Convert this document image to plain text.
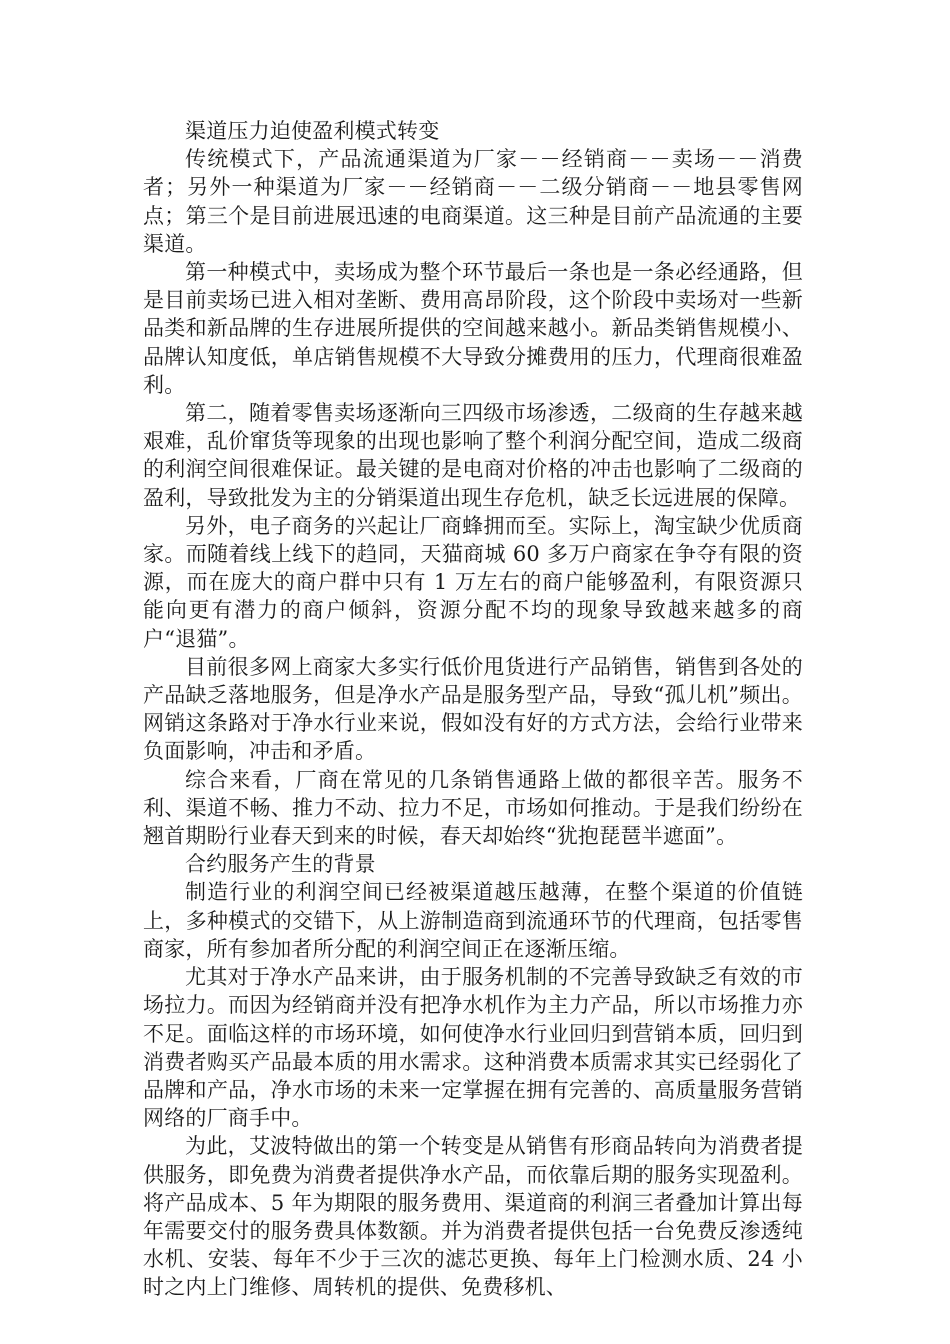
渠道压力迫使盈利模式转变

传统模式下，产品流通渠道为厂家－－经销商－－卖场－－消费者；另外一种渠道为厂家－－经销商－－二级分销商－－地县零售网点；第三个是目前进展迅速的电商渠道。这三种是目前产品流通的主要渠道。

第一种模式中，卖场成为整个环节最后一条也是一条必经通路，但是目前卖场已进入相对垄断、费用高昂阶段，这个阶段中卖场对一些新品类和新品牌的生存进展所提供的空间越来越小。新品类销售规模小、品牌认知度低，单店销售规模不大导致分摊费用的压力，代理商很难盈利。

第二，随着零售卖场逐渐向三四级市场渗透，二级商的生存越来越艰难，乱价窜货等现象的出现也影响了整个利润分配空间，造成二级商的利润空间很难保证。最关键的是电商对价格的冲击也影响了二级商的盈利，导致批发为主的分销渠道出现生存危机，缺乏长远进展的保障。

另外，电子商务的兴起让厂商蜂拥而至。实际上，淘宝缺少优质商家。而随着线上线下的趋同，天猫商城 60 多万户商家在争夺有限的资源，而在庞大的商户群中只有 1 万左右的商户能够盈利，有限资源只能向更有潜力的商户倾斜，资源分配不均的现象导致越来越多的商户“退猫”。

目前很多网上商家大多实行低价甩货进行产品销售，销售到各处的产品缺乏落地服务，但是净水产品是服务型产品，导致“孤儿机”频出。网销这条路对于净水行业来说，假如没有好的方式方法，会给行业带来负面影响，冲击和矛盾。

综合来看，厂商在常见的几条销售通路上做的都很辛苦。服务不利、渠道不畅、推力不动、拉力不足，市场如何推动。于是我们纷纷在翘首期盼行业春天到来的时候，春天却始终“犹抱琵琶半遮面”。

合约服务产生的背景

制造行业的利润空间已经被渠道越压越薄，在整个渠道的价值链上，多种模式的交错下，从上游制造商到流通环节的代理商，包括零售商家，所有参加者所分配的利润空间正在逐渐压缩。

尤其对于净水产品来讲，由于服务机制的不完善导致缺乏有效的市场拉力。而因为经销商并没有把净水机作为主力产品，所以市场推力亦不足。面临这样的市场环境，如何使净水行业回归到营销本质，回归到消费者购买产品最本质的用水需求。这种消费本质需求其实已经弱化了品牌和产品，净水市场的未来一定掌握在拥有完善的、高质量服务营销网络的厂商手中。

为此，艾波特做出的第一个转变是从销售有形商品转向为消费者提供服务，即免费为消费者提供净水产品，而依靠后期的服务实现盈利。将产品成本、5 年为期限的服务费用、渠道商的利润三者叠加计算出每年需要交付的服务费具体数额。并为消费者提供包括一台免费反渗透纯水机、安装、每年不少于三次的滤芯更换、每年上门检测水质、24 小时之内上门维修、周转机的提供、免费移机、
